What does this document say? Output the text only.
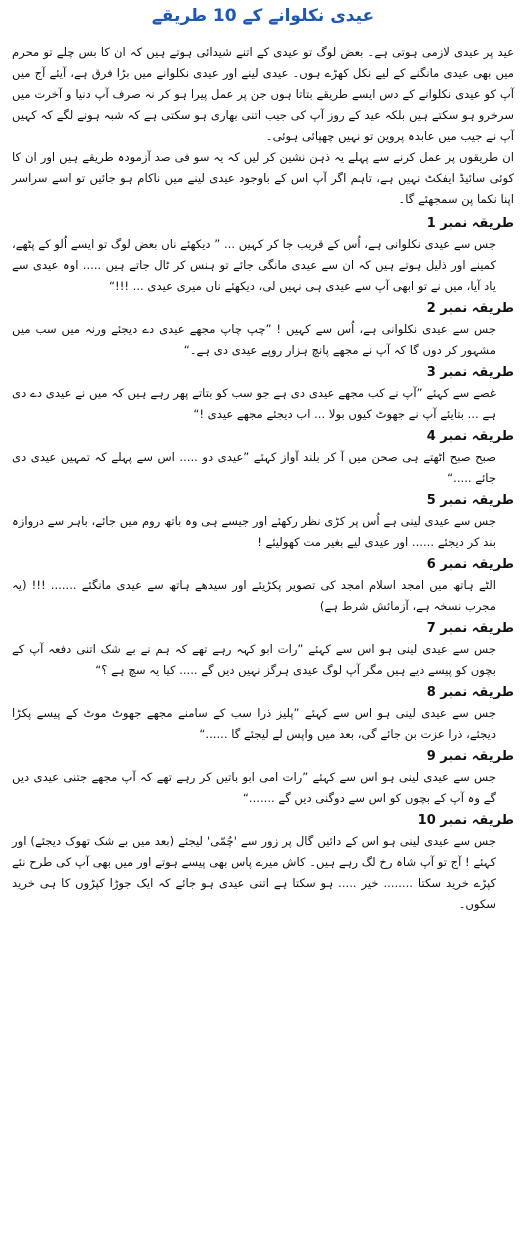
عیدی نکلوانے کے 10 طریقے

عید پر عیدی لازمی ہوتی ہے۔ بعض لوگ تو عیدی کے اتنے شیدائی ہوتے ہیں کہ ان کا بس چلے تو محرم میں بھی عیدی مانگنے کے لیے نکل کھڑے ہوں۔ عیدی لینے اور عیدی نکلوانے میں بڑا فرق ہے، آیئے آج میں آپ کو عیدی نکلوانے کے دس ایسے طریقے بتاتا ہوں جن پر عمل پیرا ہو کر نہ صرف آپ دنیا و آخرت میں سرخرو ہو سکتے ہیں بلکہ عید کے روز آپ کی جیب اتنی بھاری ہو سکتی ہے کہ شبہ ہونے لگے کہ کہیں آپ نے جیب میں عابدہ پروین تو نہیں چھپائی ہوئی۔

ان طریقوں پر عمل کرنے سے پہلے یہ ذہن نشین کر لیں کہ یہ سو فی صد آزمودہ طریقے ہیں اور ان کا کوئی سائیڈ ایفکٹ نہیں ہے، تاہم اگر آپ اس کے باوجود عیدی لینے میں ناکام ہو جائیں تو اسے سراسر اپنا نکما پن سمجھئے گا۔

طریقہ نمبر 1
جس سے عیدی نکلوانی ہے، اُس کے قریب جا کر کہیں ... ” دیکھئے ناں بعض لوگ تو ایسے اُلو کے پٹھے، کمینے اور ذلیل ہوتے ہیں کہ ان سے عیدی مانگی جائے تو ہنس کر ٹال جاتے ہیں ..... اوہ عیدی سے یاد آیا، میں نے تو ابھی آپ سے عیدی ہی نہیں لی، دیکھئے ناں میری عیدی ... !!!“
طریقہ نمبر 2
جس سے عیدی نکلوانی ہے، اُس سے کہیں ! ”چپ چاپ مجھے عیدی دے دیجئے ورنہ میں سب میں مشہور کر دوں گا کہ آپ نے مجھے پانچ ہزار روپے عیدی دی ہے۔“
طریقہ نمبر 3
غصے سے کہئے ”آپ نے کب مجھے عیدی دی ہے جو سب کو بتاتے پھر رہے ہیں کہ میں نے عیدی دے دی ہے ... بتایئے آپ نے جھوٹ کیوں بولا ... اب دیجئے مجھے عیدی !“
طریقہ نمبر 4
صبح صبح اٹھتے ہی صحن میں آ کر بلند آواز کہئے ”عیدی دو ..... اس سے پہلے کہ تمہیں عیدی دی جائے .....“
طریقہ نمبر 5
جس سے عیدی لینی ہے اُس پر کڑی نظر رکھئے اور جیسے ہی وہ باتھ روم میں جائے، باہر سے دروازہ بند کر دیجئے ...... اور عیدی لیے بغیر مت کھولیئے !
طریقہ نمبر 6
الٹے ہاتھ میں امجد اسلام امجد کی تصویر پکڑیئے اور سیدھے ہاتھ سے عیدی مانگئے ....... !!! (یہ مجرب نسخہ ہے، آزمائش شرط ہے)
طریقہ نمبر 7
جس سے عیدی لینی ہو اس سے کہئے ”رات ابو کہہ رہے تھے کہ ہم نے بے شک اتنی دفعہ آپ کے بچوں کو پیسے دیے ہیں مگر آپ لوگ عیدی ہرگز نہیں دیں گے ..... کیا یہ سچ ہے ؟“
طریقہ نمبر 8
جس سے عیدی لینی ہو اس سے کہئے ”پلیز ذرا سب کے سامنے مجھے جھوٹ موٹ کے پیسے پکڑا دیجئے، ذرا عزت بن جائے گی، بعد میں واپس لے لیجئے گا ......“
طریقہ نمبر 9
جس سے عیدی لینی ہو اس سے کہئے ”رات امی ابو باتیں کر رہے تھے کہ آپ مجھے جتنی عیدی دیں گے وہ آپ کے بچوں کو اس سے دوگنی دیں گے .......“
طریقہ نمبر 10
جس سے عیدی لینی ہو اس کے دائیں گال پر زور سے 'چُمّی' لیجئے (بعد میں بے شک تھوک دیجئے) اور کہئے ! آج تو آپ شاہ رخ لگ رہے ہیں۔ کاش میرے پاس بھی پیسے ہوتے اور میں بھی آپ کی طرح نئے کپڑے خرید سکتا ........ خیر ..... ہو سکتا ہے اتنی عیدی ہو جائے کہ ایک جوڑا کپڑوں کا ہی خرید سکوں۔
